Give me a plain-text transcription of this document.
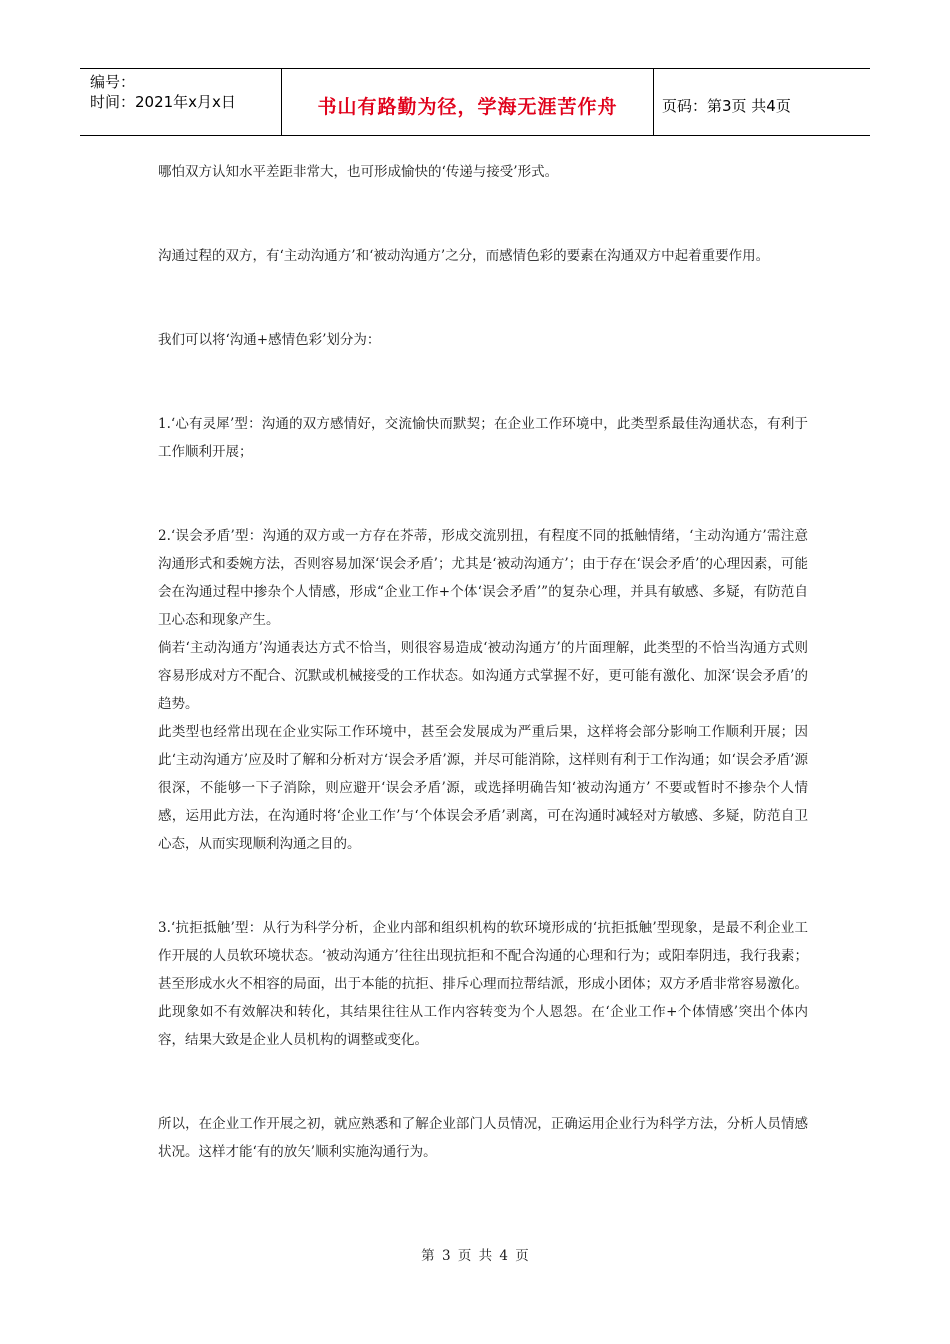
编号：
时间：2021年x月x日	书山有路勤为径，学海无涯苦作舟	页码：第3页 共4页

哪怕双方认知水平差距非常大，也可形成愉快的‘传递与接受’形式。

沟通过程的双方，有‘主动沟通方’和‘被动沟通方’之分，而感情色彩的要素在沟通双方中起着重要作用。

我们可以将‘沟通+感情色彩’划分为：

1.‘心有灵犀’型：沟通的双方感情好，交流愉快而默契；在企业工作环境中，此类型系最佳沟通状态，有利于工作顺利开展；

2.‘误会矛盾’型：沟通的双方或一方存在芥蒂，形成交流别扭，有程度不同的抵触情绪，‘主动沟通方’需注意沟通形式和委婉方法，否则容易加深‘误会矛盾’；尤其是‘被动沟通方’；由于存在‘误会矛盾’的心理因素，可能会在沟通过程中掺杂个人情感，形成“企业工作+个体‘误会矛盾’”的复杂心理，并具有敏感、多疑，有防范自卫心态和现象产生。

倘若‘主动沟通方’沟通表达方式不恰当，则很容易造成‘被动沟通方’的片面理解，此类型的不恰当沟通方式则容易形成对方不配合、沉默或机械接受的工作状态。如沟通方式掌握不好，更可能有激化、加深‘误会矛盾’的趋势。

此类型也经常出现在企业实际工作环境中，甚至会发展成为严重后果，这样将会部分影响工作顺利开展；因此‘主动沟通方’应及时了解和分析对方‘误会矛盾’源，并尽可能消除，这样则有利于工作沟通；如‘误会矛盾’源很深，不能够一下子消除，则应避开‘误会矛盾’源，或选择明确告知‘被动沟通方’ 不要或暂时不掺杂个人情感，运用此方法，在沟通时将‘企业工作’与‘个体误会矛盾’剥离，可在沟通时减轻对方敏感、多疑，防范自卫心态，从而实现顺利沟通之目的。

3.‘抗拒抵触’型：从行为科学分析，企业内部和组织机构的软环境形成的‘抗拒抵触’型现象，是最不利企业工作开展的人员软环境状态。‘被动沟通方’往往出现抗拒和不配合沟通的心理和行为；或阳奉阴违，我行我素；甚至形成水火不相容的局面，出于本能的抗拒、排斥心理而拉帮结派，形成小团体；双方矛盾非常容易激化。此现象如不有效解决和转化，其结果往往从工作内容转变为个人恩怨。在‘企业工作+个体情感’突出个体内容，结果大致是企业人员机构的调整或变化。

所以，在企业工作开展之初，就应熟悉和了解企业部门人员情况，正确运用企业行为科学方法，分析人员情感状况。这样才能‘有的放矢’顺利实施沟通行为。

第 3 页 共 4 页
